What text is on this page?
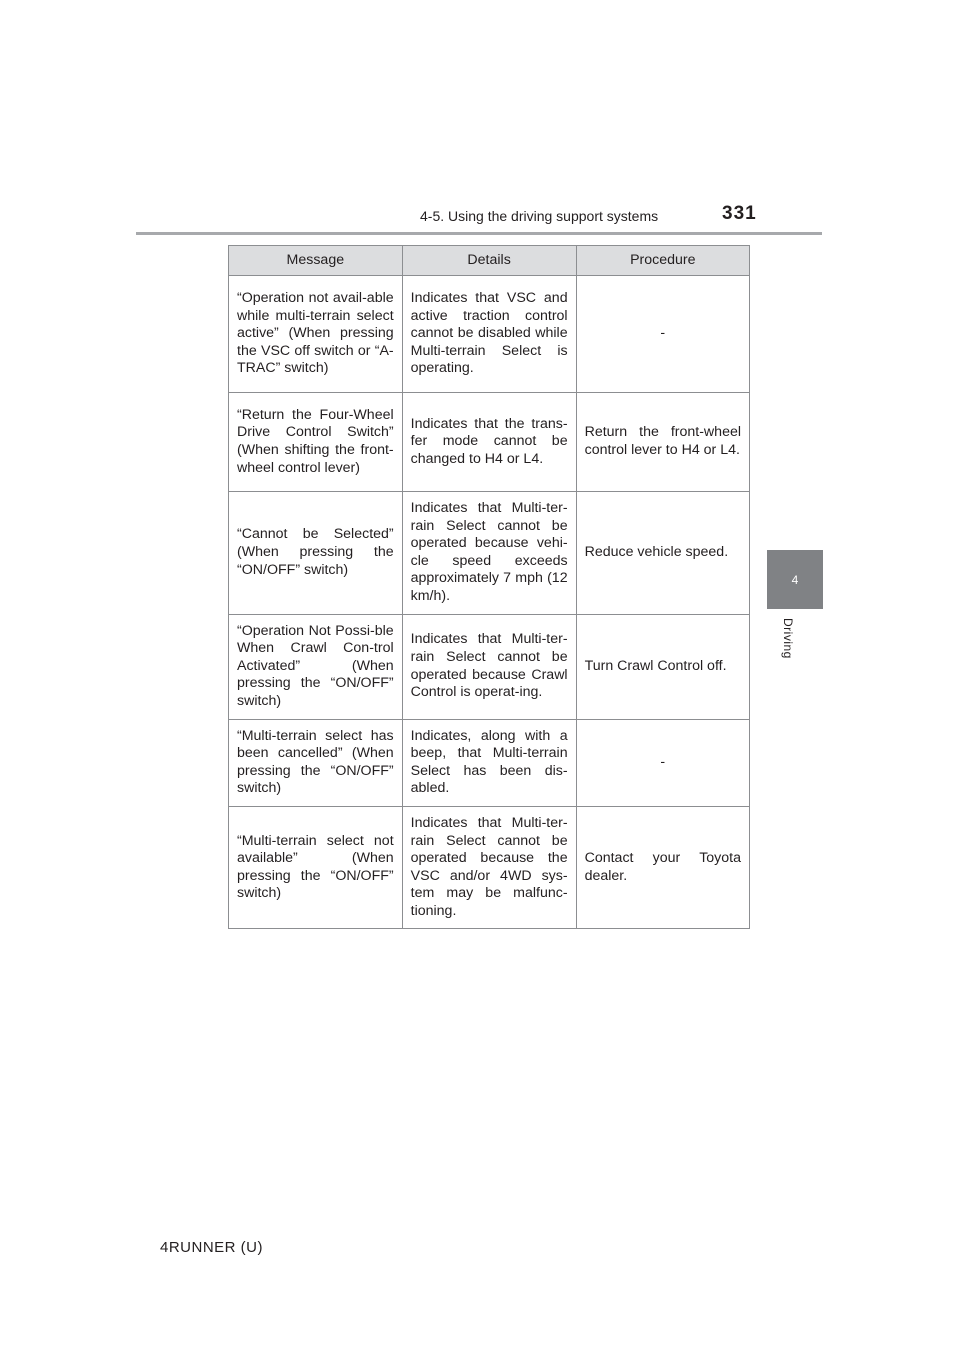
4-5. Using the driving support systems	331
4
Driving
Message	Details	Procedure
“Operation not avail-able while multi-terrain select active” (When pressing the VSC off switch or “A-TRAC” switch)	Indicates that VSC and active traction control cannot be disabled while Multi-terrain Select is operating.	-
“Return the Four-Wheel Drive Control Switch” (When shifting the front-wheel control lever)	Indicates that the trans-fer mode cannot be changed to H4 or L4.	Return the front-wheel control lever to H4 or L4.
“Cannot be Selected” (When pressing the “ON/OFF” switch)	Indicates that Multi-ter-rain Select cannot be operated because vehi-cle speed exceeds approximately 7 mph (12 km/h).	Reduce vehicle speed.
“Operation Not Possi-ble When Crawl Con-trol Activated” (When pressing the “ON/OFF” switch)	Indicates that Multi-ter-rain Select cannot be operated because Crawl Control is operat-ing.	Turn Crawl Control off.
“Multi-terrain select has been cancelled” (When pressing the “ON/OFF” switch)	Indicates, along with a beep, that Multi-terrain Select has been dis-abled.	-
“Multi-terrain select not available” (When pressing the “ON/OFF” switch)	Indicates that Multi-ter-rain Select cannot be operated because the VSC and/or 4WD sys-tem may be malfunc-tioning.	Contact your Toyota dealer.
4RUNNER (U)
